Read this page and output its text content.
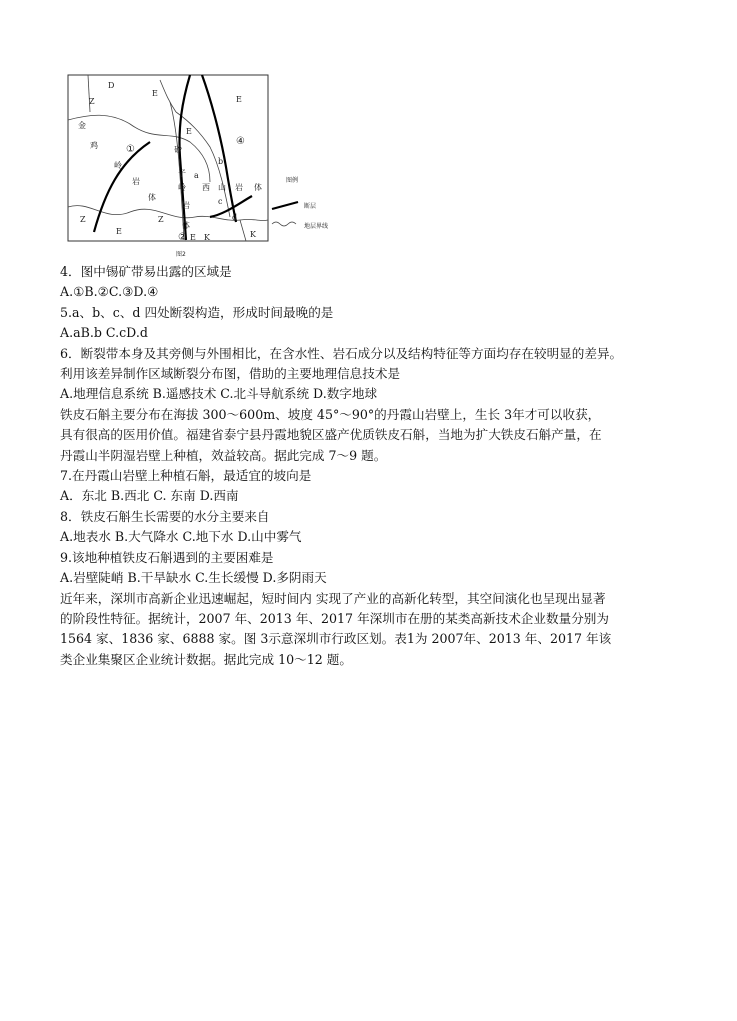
D
E
Z
E
E
Z
E
Z
K	K
E
金
鸡
岭
岩
体
砂
子
岭
岩
体
西 山 岩 体
①
②
④
a
b
c
d
图例
断层
地层界线
图2
4．图中锡矿带易出露的区域是
A.①B.②C.③D.④
5.a、b、c、d 四处断裂构造，形成时间最晚的是
A.aB.b C.cD.d
6．断裂带本身及其旁侧与外围相比，在含水性、岩石成分以及结构特征等方面均存在较明显的差异。
利用该差异制作区域断裂分布图，借助的主要地理信息技术是
A.地理信息系统 B.遥感技术 C.北斗导航系统 D.数字地球
铁皮石斛主要分布在海拔 300～600m、坡度 45°～90°的丹霞山岩壁上，生长 3年才可以收获，
具有很高的医用价值。福建省泰宁县丹霞地貌区盛产优质铁皮石斛，当地为扩大铁皮石斛产量，在
丹霞山半阴湿岩壁上种植，效益较高。据此完成 7～9 题。
7.在丹霞山岩壁上种植石斛，最适宜的坡向是
A．东北 B.西北 C. 东南 D.西南
8．铁皮石斛生长需要的水分主要来自
A.地表水 B.大气降水 C.地下水 D.山中雾气
9.该地种植铁皮石斛遇到的主要困难是
A.岩壁陡峭 B.干旱缺水 C.生长缓慢 D.多阴雨天
近年来，深圳市高新企业迅速崛起，短时间内 实现了产业的高新化转型，其空间演化也呈现出显著
的阶段性特征。据统计，2007 年、2013 年、2017 年深圳市在册的某类高新技术企业数量分别为
1564 家、1836 家、6888 家。图 3示意深圳市行政区划。表1为 2007年、2013 年、2017 年该
类企业集聚区企业统计数据。据此完成 10～12 题。
